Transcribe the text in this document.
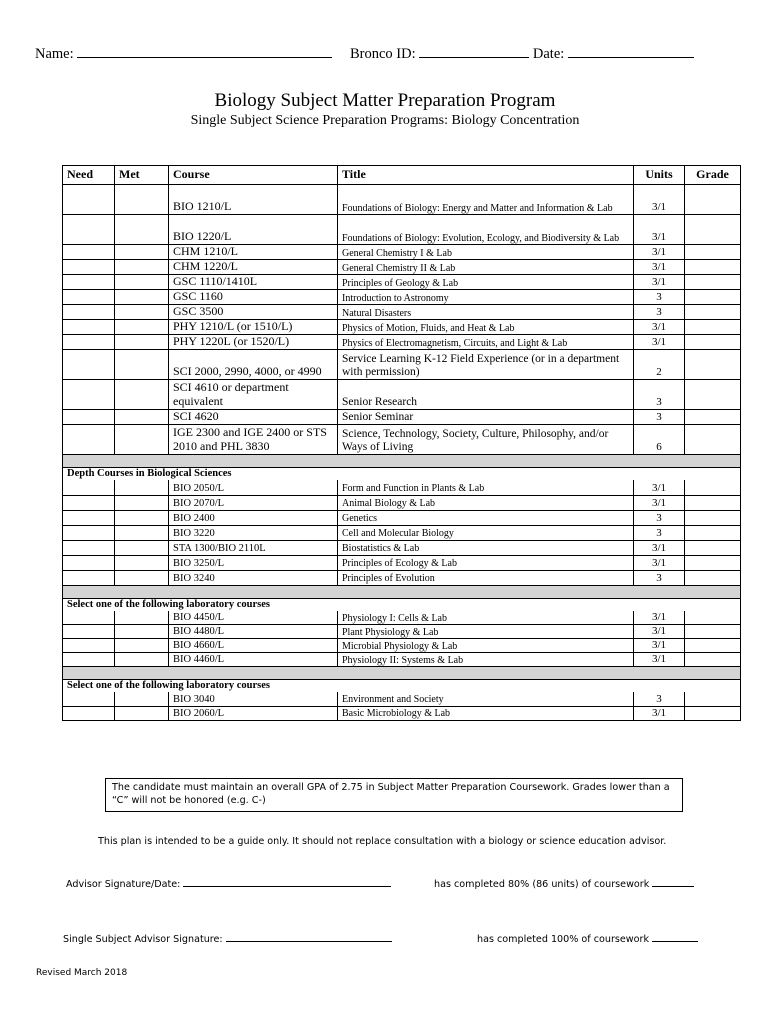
Name:	Bronco ID:	Date:
Biology Subject Matter Preparation Program
Single Subject Science Preparation Programs: Biology Concentration
Need	Met	Course	Title	Units	Grade
		BIO 1210/L	Foundations of Biology: Energy and Matter and Information & Lab	3/1	
		BIO 1220/L	Foundations of Biology: Evolution, Ecology, and Biodiversity & Lab	3/1	
		CHM 1210/L	General Chemistry I & Lab	3/1	
		CHM 1220/L	General Chemistry II & Lab	3/1	
		GSC 1110/1410L	Principles of Geology & Lab	3/1	
		GSC 1160	Introduction to Astronomy	3	
		GSC 3500	Natural Disasters	3	
		PHY 1210/L (or 1510/L)	Physics of Motion, Fluids, and Heat & Lab	3/1	
		PHY 1220L (or 1520/L)	Physics of Electromagnetism, Circuits, and Light & Lab	3/1	
		SCI 2000, 2990, 4000, or 4990	Service Learning K-12 Field Experience (or in a department with permission)	2	
		SCI 4610 or department equivalent	Senior Research	3	
		SCI 4620	Senior Seminar	3	
		IGE 2300 and IGE 2400 or STS 2010 and PHL 3830	Science, Technology, Society, Culture, Philosophy, and/or Ways of Living	6	

Depth Courses in Biological Sciences					
		BIO 2050/L	Form and Function in Plants & Lab	3/1	
		BIO 2070/L	Animal Biology & Lab	3/1	
		BIO 2400	Genetics	3	
		BIO 3220	Cell and Molecular Biology	3	
		STA 1300/BIO 2110L	Biostatistics & Lab	3/1	
		BIO 3250/L	Principles of Ecology & Lab	3/1	
		BIO 3240	Principles of Evolution	3	

Select one of the following laboratory courses					
		BIO 4450/L	Physiology I: Cells & Lab	3/1	
		BIO 4480/L	Plant Physiology & Lab	3/1	
		BIO 4660/L	Microbial Physiology & Lab	3/1	
		BIO 4460/L	Physiology II: Systems & Lab	3/1	

Select one of the following laboratory courses					
		BIO 3040	Environment and Society	3	
		BIO 2060/L	Basic Microbiology & Lab	3/1	
The candidate must maintain an overall GPA of 2.75 in Subject Matter Preparation Coursework. Grades lower than a “C” will not be honored (e.g. C-)
This plan is intended to be a guide only. It should not replace consultation with a biology or science education advisor.
Advisor Signature/Date:	has completed 80% (86 units) of coursework
Single Subject Advisor Signature:	has completed 100% of coursework
Revised March 2018
